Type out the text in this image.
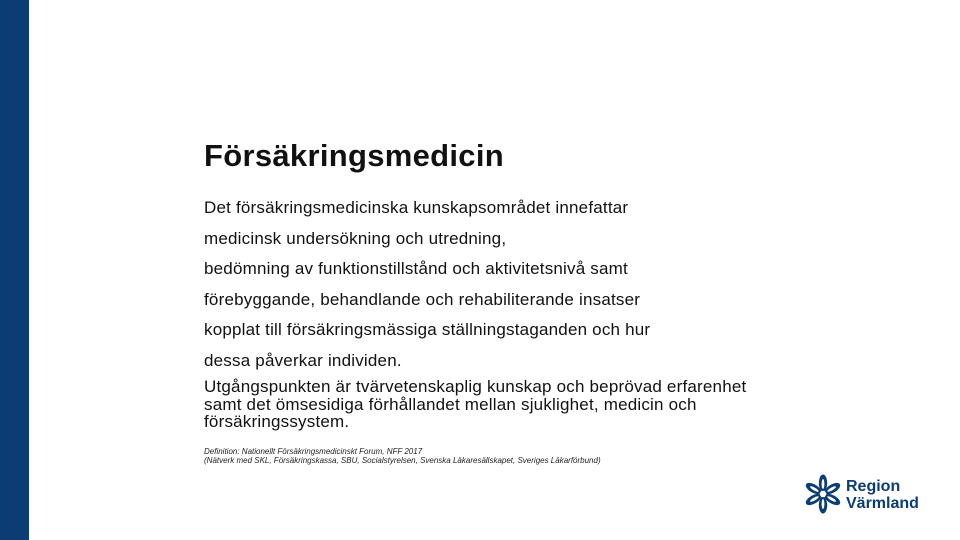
Försäkringsmedicin
Det försäkringsmedicinska kunskapsområdet innefattar
medicinsk undersökning och utredning,
bedömning av funktionstillstånd och aktivitetsnivå samt
förebyggande, behandlande och rehabiliterande insatser
kopplat till försäkringsmässiga ställningstaganden och hur
dessa påverkar individen.
Utgångspunkten är tvärvetenskaplig kunskap och beprövad erfarenhet samt det ömsesidiga förhållandet mellan sjuklighet, medicin och försäkringssystem.
Definition: Nationellt Försäkringsmedicinskt Forum, NFF 2017
(Nätverk med SKL, Försäkringskassa, SBU, Socialstyrelsen, Svenska Läkaresällskapet, Sveriges Läkarförbund)
Region
Värmland
